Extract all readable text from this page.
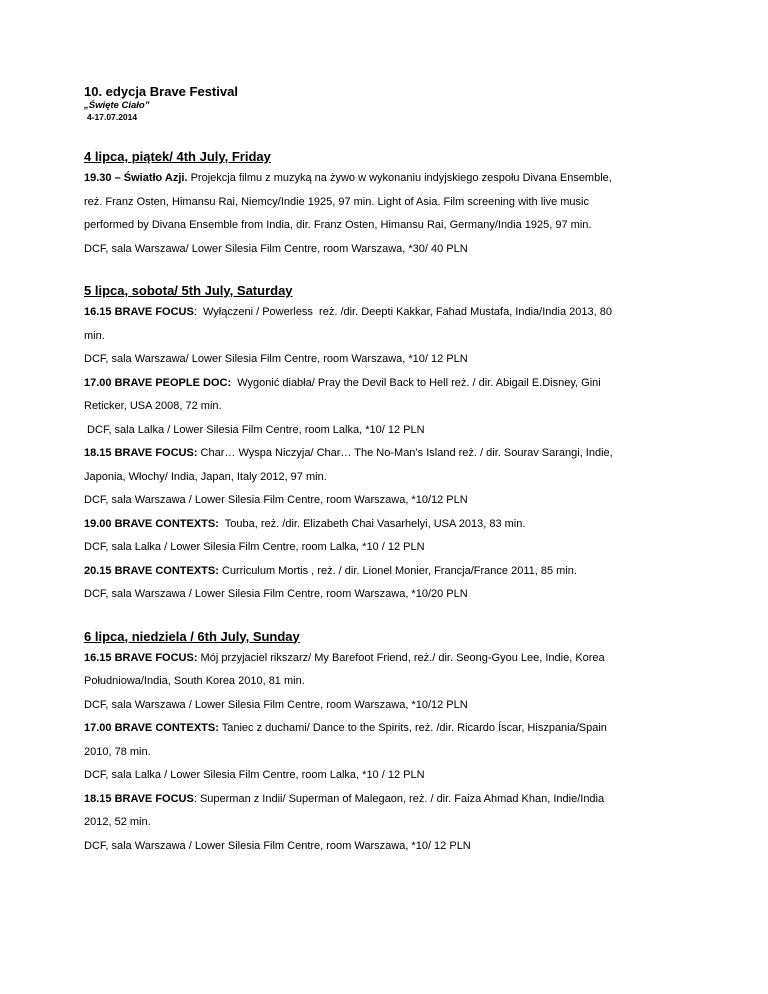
10. edycja Brave Festival

„Święte Ciało”

4-17.07.2014

4 lipca, piątek/ 4th July, Friday

19.30 – Światło Azji. Projekcja filmu z muzyką na żywo w wykonaniu indyjskiego zespołu Divana Ensemble,

reż. Franz Osten, Himansu Rai, Niemcy/Indie 1925, 97 min. Light of Asia. Film screening with live music

performed by Divana Ensemble from India, dir. Franz Osten, Himansu Rai, Germany/India 1925, 97 min.

DCF, sala Warszawa/ Lower Silesia Film Centre, room Warszawa, *30/ 40 PLN

5 lipca, sobota/ 5th July, Saturday

16.15 BRAVE FOCUS:  Wyłączeni / Powerless  reż. /dir. Deepti Kakkar, Fahad Mustafa, India/India 2013, 80

min.

DCF, sala Warszawa/ Lower Silesia Film Centre, room Warszawa, *10/ 12 PLN

17.00 BRAVE PEOPLE DOC:  Wygonić diabła/ Pray the Devil Back to Hell reż. / dir. Abigail E.Disney, Gini

Reticker, USA 2008, 72 min.

DCF, sala Lalka / Lower Silesia Film Centre, room Lalka, *10/ 12 PLN

18.15 BRAVE FOCUS: Char… Wyspa Niczyja/ Char… The No-Man’s Island reż. / dir. Sourav Sarangi, Indie,

Japonia, Włochy/ India, Japan, Italy 2012, 97 min.

DCF, sala Warszawa / Lower Silesia Film Centre, room Warszawa, *10/12 PLN

19.00 BRAVE CONTEXTS:  Touba, reż. /dir. Elizabeth Chai Vasarhelyi, USA 2013, 83 min.

DCF, sala Lalka / Lower Silesia Film Centre, room Lalka, *10 / 12 PLN

20.15 BRAVE CONTEXTS: Curriculum Mortis , reż. / dir. Lionel Monier, Francja/France 2011, 85 min.

DCF, sala Warszawa / Lower Silesia Film Centre, room Warszawa, *10/20 PLN

6 lipca, niedziela / 6th July, Sunday

16.15 BRAVE FOCUS: Mój przyjaciel rikszarz/ My Barefoot Friend, reż./ dir. Seong-Gyou Lee, Indie, Korea

Południowa/India, South Korea 2010, 81 min.

DCF, sala Warszawa / Lower Silesia Film Centre, room Warszawa, *10/12 PLN

17.00 BRAVE CONTEXTS: Taniec z duchami/ Dance to the Spirits, reż. /dir. Ricardo Íscar, Hiszpania/Spain

2010, 78 min.

DCF, sala Lalka / Lower Silesia Film Centre, room Lalka, *10 / 12 PLN

18.15 BRAVE FOCUS: Superman z Indii/ Superman of Malegaon, reż. / dir. Faiza Ahmad Khan, Indie/India

2012, 52 min.

DCF, sala Warszawa / Lower Silesia Film Centre, room Warszawa, *10/ 12 PLN
